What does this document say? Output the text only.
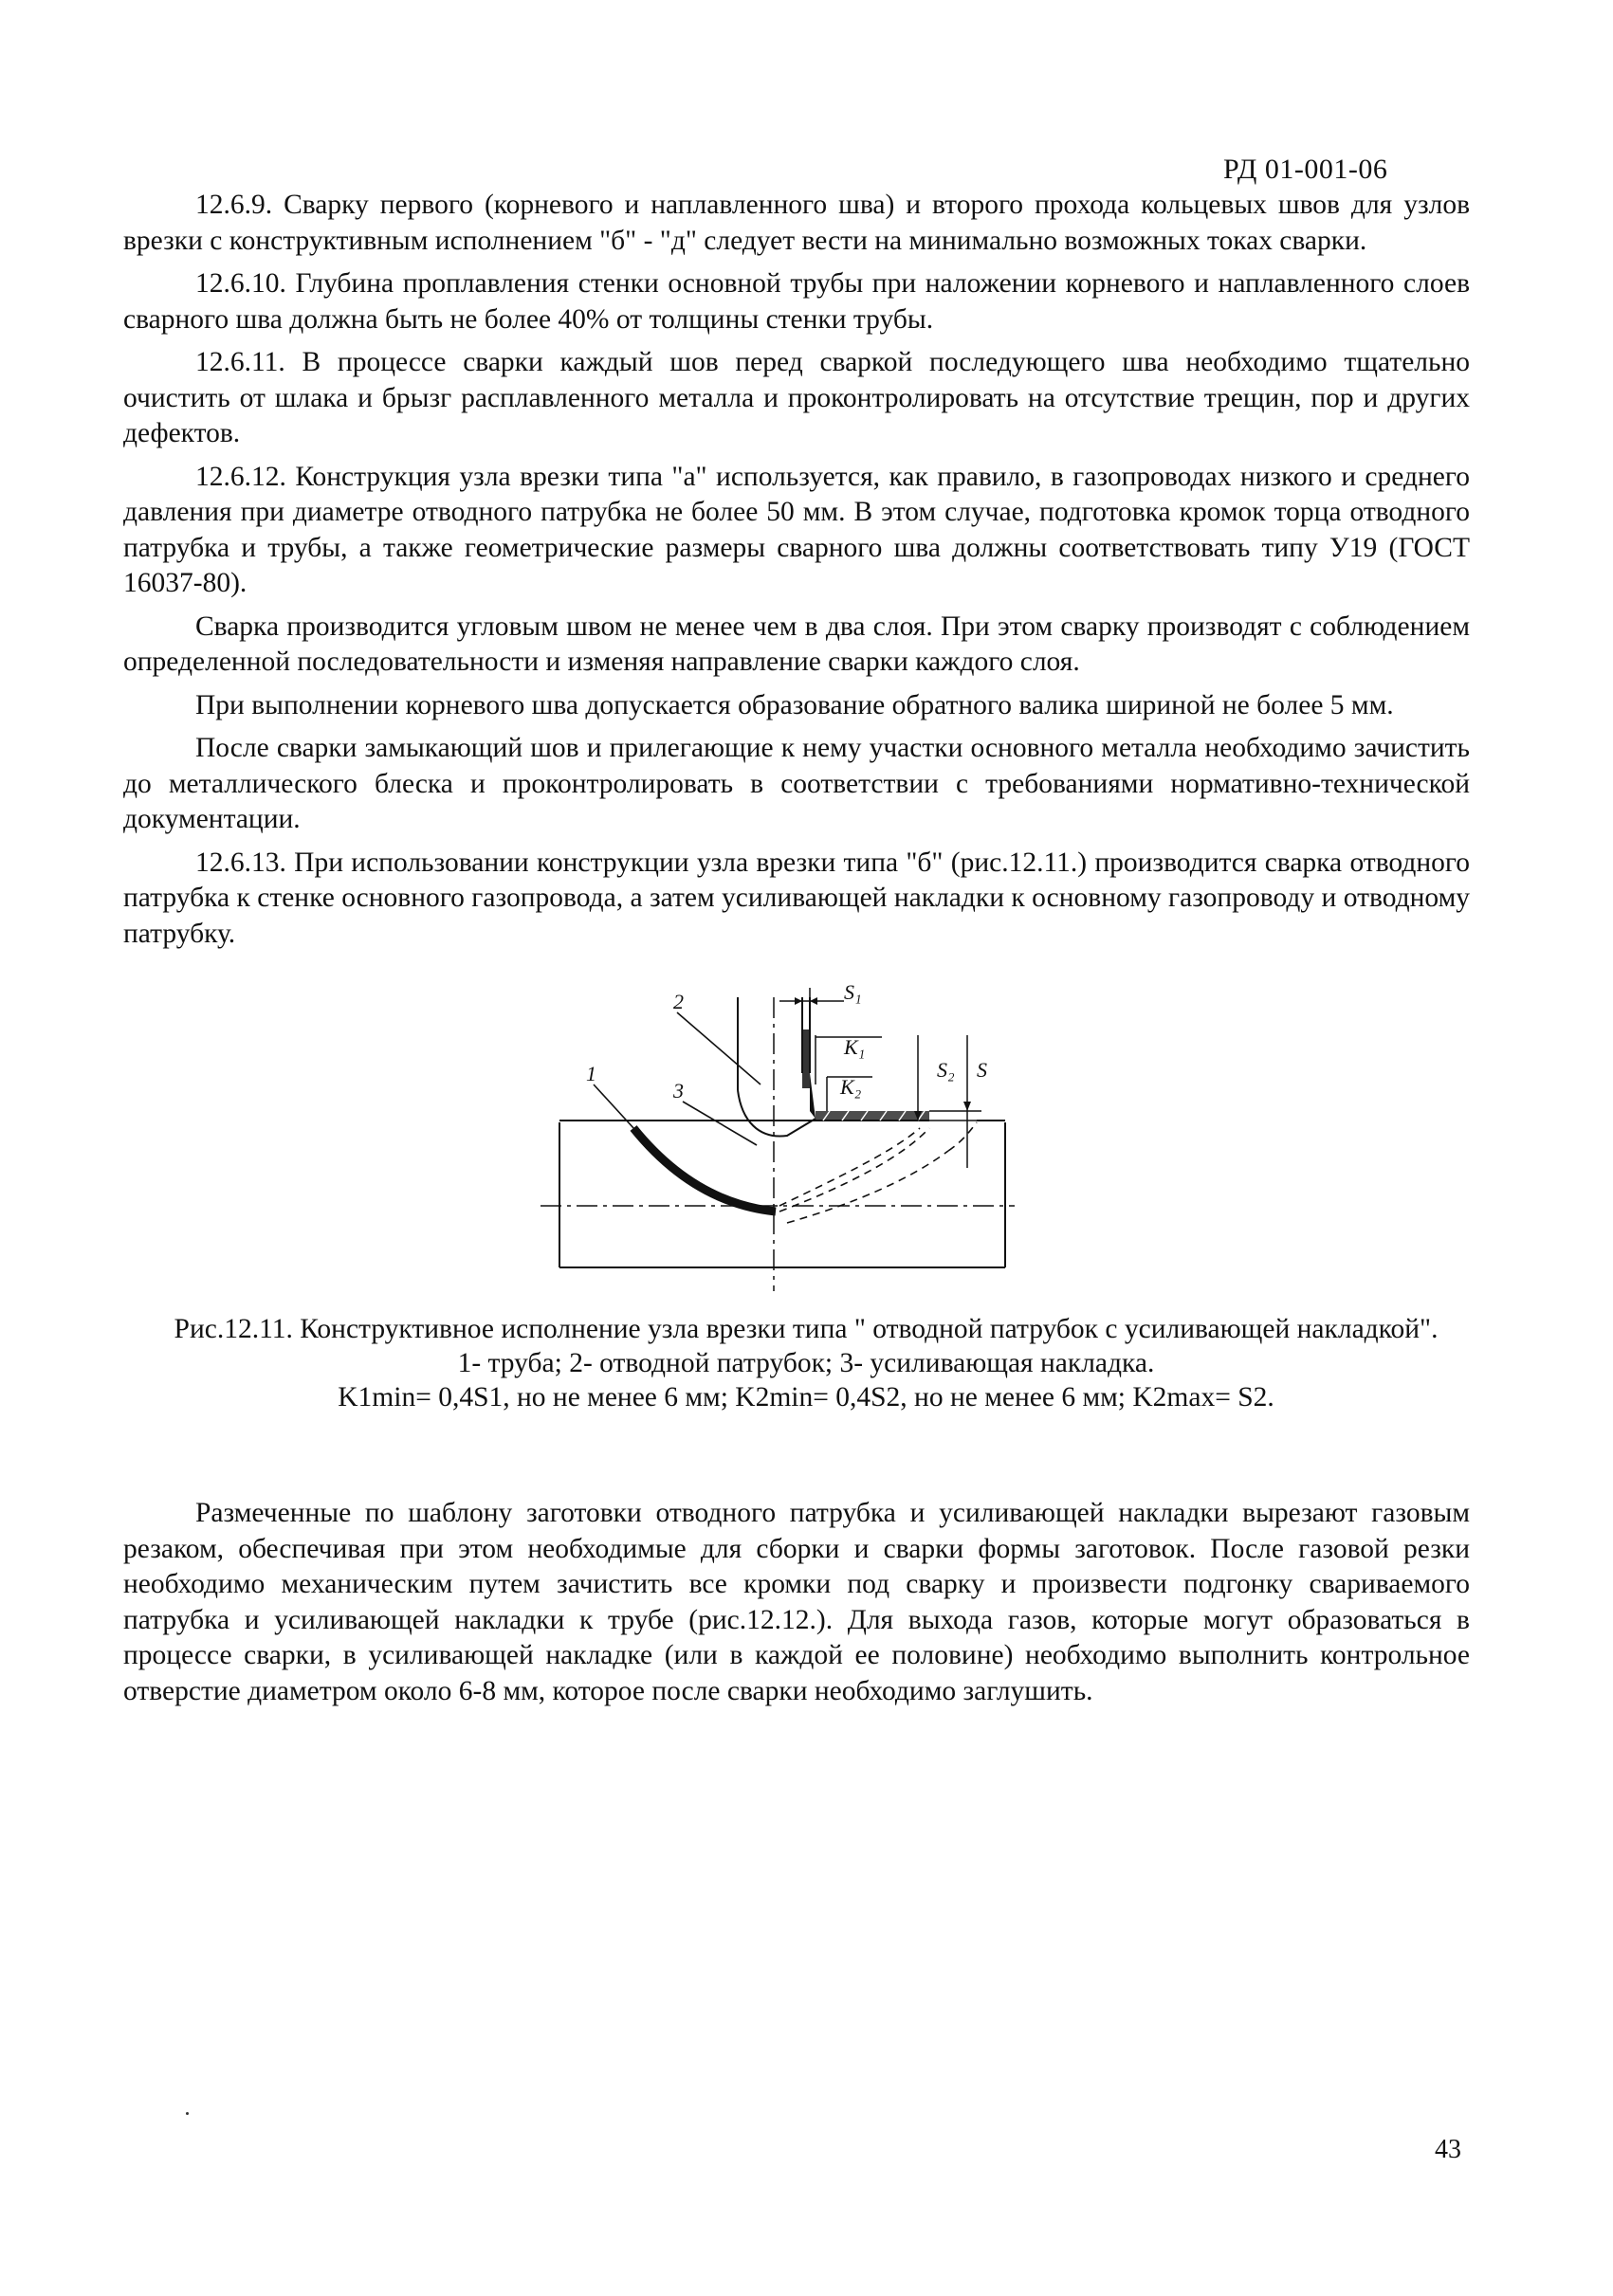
РД 01-001-06

12.6.9. Сварку первого (корневого и наплавленного шва) и второго прохода кольцевых швов для узлов врезки с конструктивным исполнением "б" - "д" следует вести на минимально возможных токах сварки.

12.6.10. Глубина проплавления стенки основной трубы при наложении корневого и наплавленного слоев сварного шва должна быть не более 40% от толщины стенки трубы.

12.6.11. В процессе сварки каждый шов перед сваркой последующего шва необходимо тщательно очистить от шлака и брызг расплавленного металла и проконтролировать на отсутствие трещин, пор и других дефектов.

12.6.12. Конструкция узла врезки типа "а" используется, как правило, в газопроводах низкого и среднего давления при диаметре отводного патрубка не более 50 мм. В этом случае, подготовка кромок торца отводного патрубка и трубы, а также геометрические размеры сварного шва должны соответствовать типу У19 (ГОСТ 16037-80).

Сварка производится угловым швом не менее чем в два слоя. При этом сварку производят с соблюдением определенной последовательности и изменяя направление сварки каждого слоя.

При выполнении корневого шва допускается образование обратного валика шириной не более 5 мм.

После сварки замыкающий шов и прилегающие к нему участки основного металла необходимо зачистить до металлического блеска и проконтролировать в соответствии с требованиями нормативно-технической документации.

12.6.13. При использовании конструкции узла врезки типа "б" (рис.12.11.) производится сварка отводного патрубка к стенке основного газопровода, а затем усиливающей накладки к основному газопроводу и отводному патрубку.

2
1
3
S₁
K₁
K₂
S₂ S
Рис.12.11. Конструктивное исполнение узла врезки типа " отводной патрубок с усиливающей накладкой".
1- труба; 2- отводной патрубок; 3- усиливающая накладка.
K1min= 0,4S1, но не менее 6 мм; K2min= 0,4S2, но не менее 6 мм; K2max= S2.

Размеченные по шаблону заготовки отводного патрубка и усиливающей накладки вырезают газовым резаком, обеспечивая при этом необходимые для сборки и сварки формы заготовок. После газовой резки необходимо механическим путем зачистить все кромки под сварку и произвести подгонку свариваемого патрубка и усиливающей накладки к трубе (рис.12.12.). Для выхода газов, которые могут образоваться в процессе сварки, в усиливающей накладке (или в каждой ее половине) необходимо выполнить контрольное отверстие диаметром около 6-8 мм, которое после сварки необходимо заглушить.

43
